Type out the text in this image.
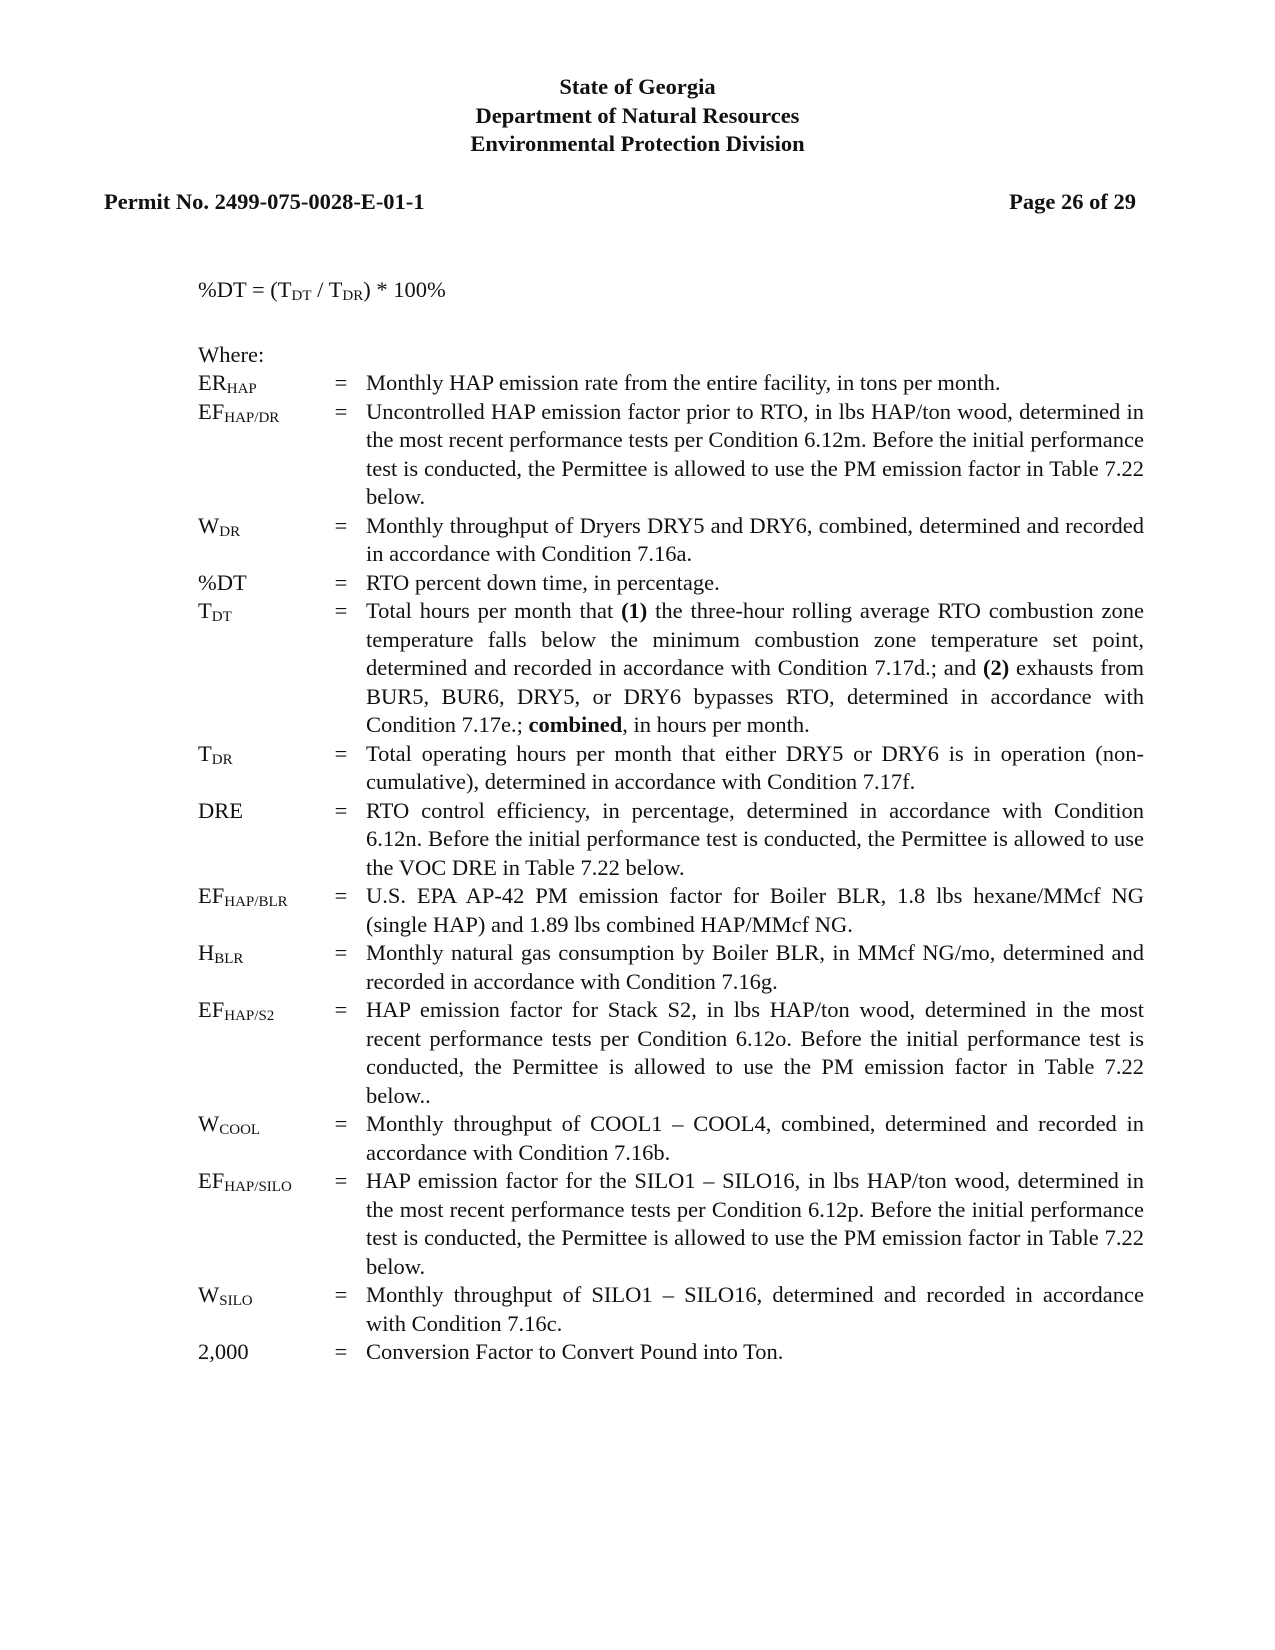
State of Georgia
Department of Natural Resources
Environmental Protection Division
Permit No. 2499-075-0028-E-01-1	Page 26 of 29
$\%DT = (T_{DT} / T_{DR}) * 100\%$
Where:
$ER_{HAP}$	= Monthly HAP emission rate from the entire facility, in tons per month.
$EF_{HAP/DR}$	= Uncontrolled HAP emission factor prior to RTO, in lbs HAP/ton wood, determined in the most recent performance tests per Condition 6.12m. Before the initial performance test is conducted, the Permittee is allowed to use the PM emission factor in Table 7.22 below.
$W_{DR}$	= Monthly throughput of Dryers DRY5 and DRY6, combined, determined and recorded in accordance with Condition 7.16a.
%DT	= RTO percent down time, in percentage.
$T_{DT}$	= Total hours per month that (1) the three-hour rolling average RTO combustion zone temperature falls below the minimum combustion zone temperature set point, determined and recorded in accordance with Condition 7.17d.; and (2) exhausts from BUR5, BUR6, DRY5, or DRY6 bypasses RTO, determined in accordance with Condition 7.17e.; combined, in hours per month.
$T_{DR}$	= Total operating hours per month that either DRY5 or DRY6 is in operation (non-cumulative), determined in accordance with Condition 7.17f.
DRE	= RTO control efficiency, in percentage, determined in accordance with Condition 6.12n. Before the initial performance test is conducted, the Permittee is allowed to use the VOC DRE in Table 7.22 below.
$EF_{HAP/BLR}$	= U.S. EPA AP-42 PM emission factor for Boiler BLR, 1.8 lbs hexane/MMcf NG (single HAP) and 1.89 lbs combined HAP/MMcf NG.
$H_{BLR}$	= Monthly natural gas consumption by Boiler BLR, in MMcf NG/mo, determined and recorded in accordance with Condition 7.16g.
$EF_{HAP/S2}$	= HAP emission factor for Stack S2, in lbs HAP/ton wood, determined in the most recent performance tests per Condition 6.12o. Before the initial performance test is conducted, the Permittee is allowed to use the PM emission factor in Table 7.22 below..
$W_{COOL}$	= Monthly throughput of COOL1 – COOL4, combined, determined and recorded in accordance with Condition 7.16b.
$EF_{HAP/SILO}$	= HAP emission factor for the SILO1 – SILO16, in lbs HAP/ton wood, determined in the most recent performance tests per Condition 6.12p. Before the initial performance test is conducted, the Permittee is allowed to use the PM emission factor in Table 7.22 below.
$W_{SILO}$	= Monthly throughput of SILO1 – SILO16, determined and recorded in accordance with Condition 7.16c.
2,000	= Conversion Factor to Convert Pound into Ton.
